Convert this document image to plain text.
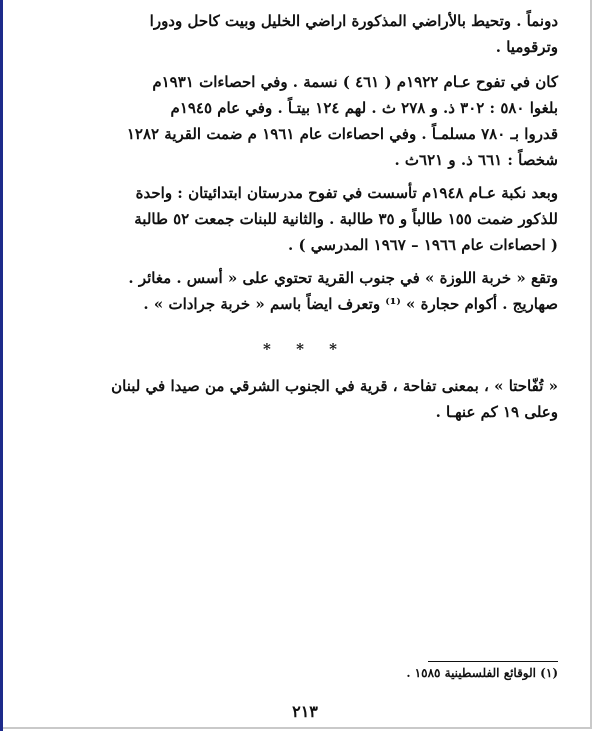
دونماً . وتحيط بالأراضي المذكورة اراضي الخليل وبيت كاحل ودورا
وترقوميا .

كان في تفوح عـام ١٩٢٢م ( ٤٦١ ) نسمة . وفي احصاءات ١٩٣١م
بلغوا ٥٨٠ : ٣٠٢ ذ. و ٢٧٨ ث . لهم ١٢٤ بيتـاً . وفي عام ١٩٤٥م
قدروا بـ ٧٨٠ مسلمـاً . وفي احصاءات عام ١٩٦١ م ضمت القرية ١٢٨٢
شخصاً : ٦٦١ ذ. و ٦٢١ث .

وبعد نكبة عـام ١٩٤٨م تأسست في تفوح مدرستان ابتدائيتان : واحدة
للذكور ضمت ١٥٥ طالباً و ٣٥ طالبة . والثانية للبنات جمعت ٥٢ طالبة
( احصاءات عام ١٩٦٦ – ١٩٦٧ المدرسي ) .

وتقع « خربة اللوزة » في جنوب القرية تحتوي على « أسس . مغائر .
صهاريج . أكوام حجارة » ⁽¹⁾ وتعرف ايضاً باسم « خربة جرادات » .

* * *

« تُفّاحتا » ، بمعنى تفاحة ، قرية في الجنوب الشرقي من صيدا في لبنان
وعلى ١٩ كم عنهـا .

(١) الوقائع الفلسطينية ١٥٨٥ .
٢١٣
